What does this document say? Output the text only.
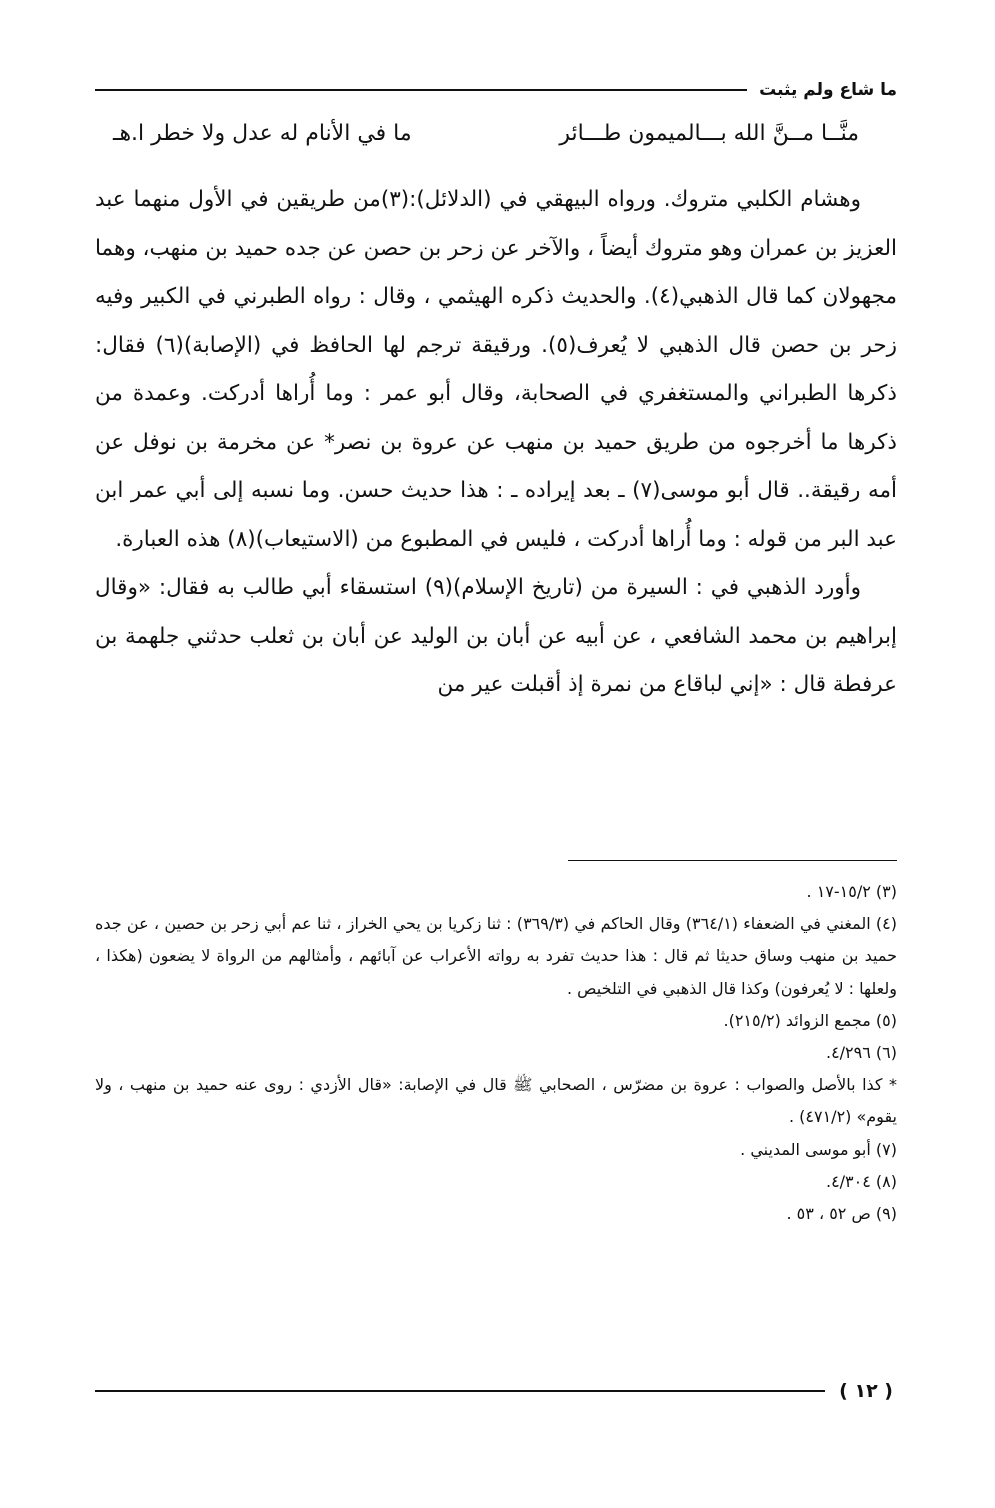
ما شاع ولم يثبت
منَّــا مــنَّ الله بـــالميمون طـــائر
ما في الأنام له عدل ولا خطر ا.هـ

وهشام الكلبي متروك. ورواه البيهقي في (الدلائل):(٣)من طريقين في الأول منهما عبد العزيز بن عمران وهو متروك أيضاً ، والآخر عن زحر بن حصن عن جده حميد بن منهب، وهما مجهولان كما قال الذهبي(٤). والحديث ذكره الهيثمي ، وقال : رواه الطبرني في الكبير وفيه زحر بن حصن قال الذهبي لا يُعرف(٥). ورقيقة ترجم لها الحافظ في (الإصابة)(٦) فقال: ذكرها الطبراني والمستغفري في الصحابة، وقال أبو عمر : وما أُراها أدركت. وعمدة من ذكرها ما أخرجوه من طريق حميد بن منهب عن عروة بن نصر* عن مخرمة بن نوفل عن أمه رقيقة.. قال أبو موسى(٧) ـ بعد إيراده ـ : هذا حديث حسن. وما نسبه إلى أبي عمر ابن عبد البر من قوله : وما أُراها أدركت ، فليس في المطبوع من (الاستيعاب)(٨) هذه العبارة.

وأورد الذهبي في : السيرة من (تاريخ الإسلام)(٩) استسقاء أبي طالب به فقال: «وقال إبراهيم بن محمد الشافعي ، عن أبيه عن أبان بن الوليد عن أبان بن ثعلب حدثني جلهمة بن عرفطة قال : «إني لباقاع من نمرة إذ أقبلت عير من

(٣) ١٥/٢-١٧ .

(٤) المغني في الضعفاء (٣٦٤/١) وقال الحاكم في (٣٦٩/٣) : ثنا زكريا بن يحي الخراز ، ثنا عم أبي زحر بن حصين ، عن جده حميد بن منهب وساق حديثا ثم قال : هذا حديث تفرد به رواته الأعراب عن آبائهم ، وأمثالهم من الرواة لا يضعون (هكذا ، ولعلها : لا يُعرفون) وكذا قال الذهبي في التلخيص .

(٥) مجمع الزوائد (٢١٥/٢).

(٦) ٤/٢٩٦.

* كذا بالأصل والصواب : عروة بن مضرّس ، الصحابي ﷺ قال في الإصابة: «قال الأزدي : روى عنه حميد بن منهب ، ولا يقوم» (٤٧١/٢) .

(٧) أبو موسى المديني .

(٨) ٤/٣٠٤.

(٩) ص ٥٢ ، ٥٣ .

( ١٢ )
